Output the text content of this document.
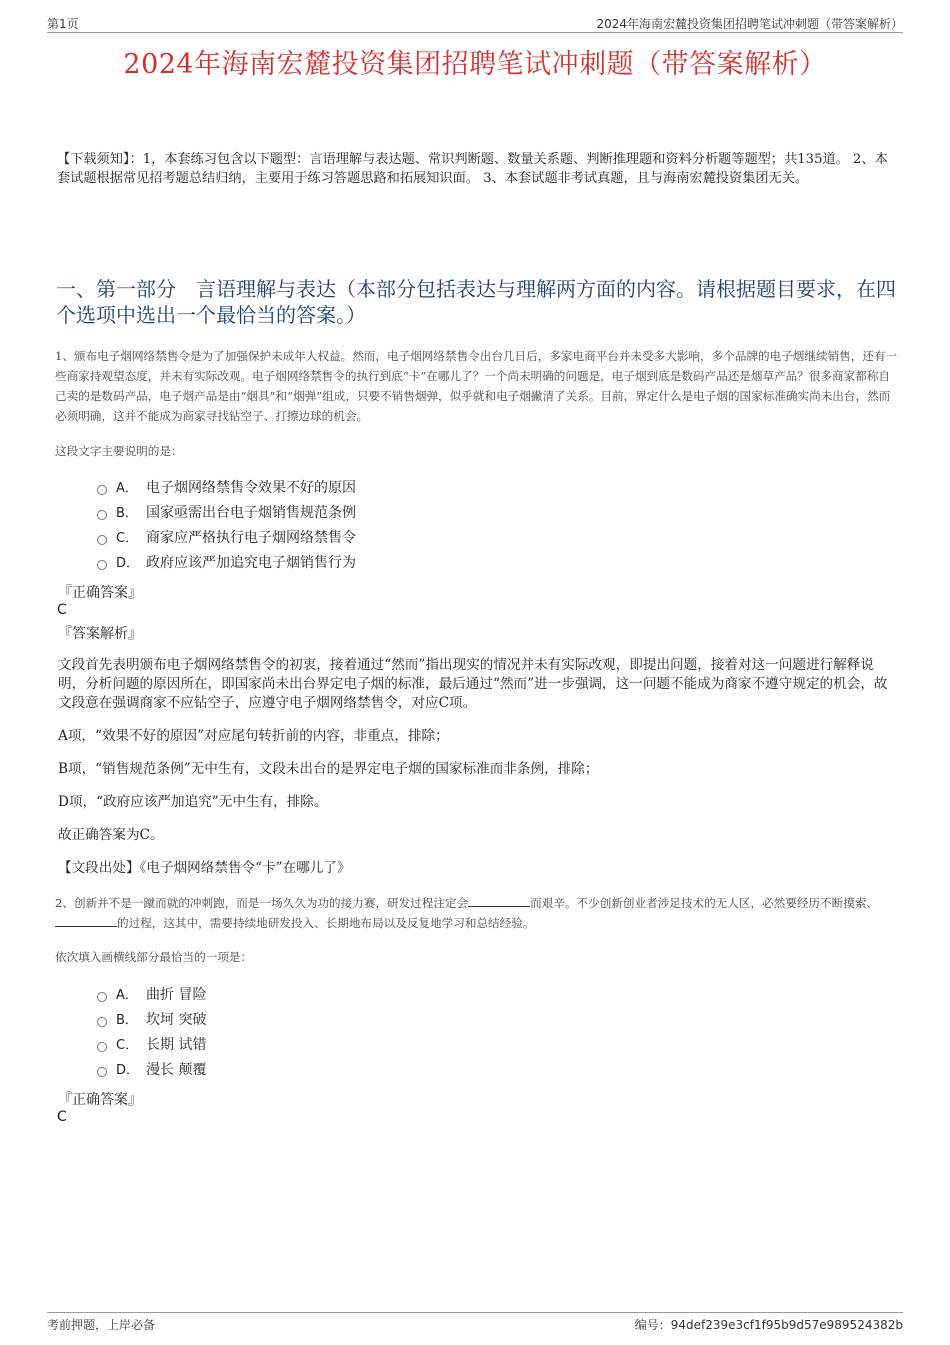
第1页	2024年海南宏麓投资集团招聘笔试冲刺题（带答案解析）
2024年海南宏麓投资集团招聘笔试冲刺题（带答案解析）
【下载须知】：1，本套练习包含以下题型：言语理解与表达题、常识判断题、数量关系题、判断推理题和资料分析题等题型；共135道。 2、本套试题根据常见招考题总结归纳，主要用于练习答题思路和拓展知识面。 3、本套试题非考试真题，且与海南宏麓投资集团无关。
一、第一部分　言语理解与表达（本部分包括表达与理解两方面的内容。请根据题目要求，在四个选项中选出一个最恰当的答案。）
1、颁布电子烟网络禁售令是为了加强保护未成年人权益。然而，电子烟网络禁售令出台几日后，多家电商平台并未受多大影响，多个品牌的电子烟继续销售，还有一些商家持观望态度，并未有实际改观。电子烟网络禁售令的执行到底“卡”在哪儿了？一个尚未明确的问题是，电子烟到底是数码产品还是烟草产品？很多商家都称自己卖的是数码产品，电子烟产品是由“烟具”和“烟弹”组成，只要不销售烟弹，似乎就和电子烟撇清了关系。目前，界定什么是电子烟的国家标准确实尚未出台，然而必须明确，这并不能成为商家寻找钻空子、打擦边球的机会。
这段文字主要说明的是：
A． 电子烟网络禁售令效果不好的原因
B． 国家亟需出台电子烟销售规范条例
C． 商家应严格执行电子烟网络禁售令
D． 政府应该严加追究电子烟销售行为
『正确答案』
C
『答案解析』
文段首先表明颁布电子烟网络禁售令的初衷，接着通过“然而”指出现实的情况并未有实际改观，即提出问题，接着对这一问题进行解释说明，分析问题的原因所在，即国家尚未出台界定电子烟的标准，最后通过“然而”进一步强调，这一问题不能成为商家不遵守规定的机会，故文段意在强调商家不应钻空子，应遵守电子烟网络禁售令，对应C项。
A项，“效果不好的原因”对应尾句转折前的内容，非重点，排除；
B项，“销售规范条例”无中生有，文段未出台的是界定电子烟的国家标准而非条例，排除；
D项，“政府应该严加追究”无中生有，排除。
故正确答案为C。
【文段出处】《电子烟网络禁售令“卡”在哪儿了》
2、创新并不是一蹴而就的冲刺跑，而是一场久久为功的接力赛，研发过程注定会	而艰辛。不少创新创业者涉足技术的无人区，必然要经历不断摸索、的过程，这其中，需要持续地研发投入、长期地布局以及反复地学习和总结经验。
依次填入画横线部分最恰当的一项是：
A． 曲折 冒险
B． 坎坷 突破
C． 长期 试错
D． 漫长 颠覆
『正确答案』
C
考前押题，上岸必备	编号：94def239e3cf1f95b9d57e989524382b
